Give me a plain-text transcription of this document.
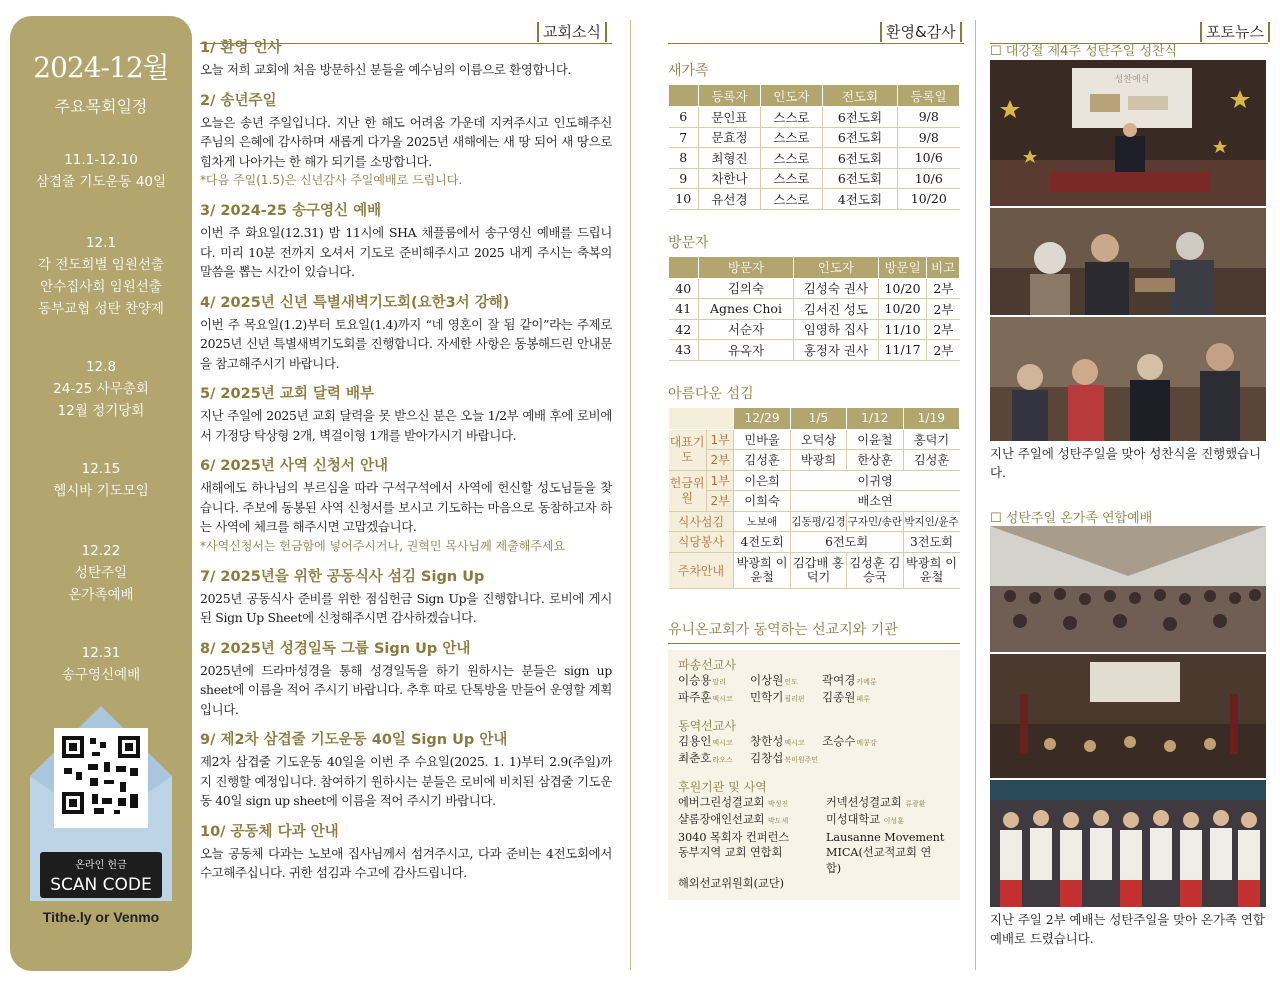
2024-12월
주요목회일정
11.1-12.10
삼겹줄 기도운동 40일
12.1
각 전도회별 임원선출
안수집사회 임원선출
동부교협 성탄 찬양제
12.8
24-25 사무총회
12월 정기당회
12.15
헵시바 기도모임
12.22
성탄주일
온가족예배
12.31
송구영신예배
온라인 헌금
SCAN CODE
Tithe.ly or Venmo
교회소식	환영&감사	포토뉴스
1/ 환영 인사

오늘 저희 교회에 처음 방문하신 분들을 예수님의 이름으로 환영합니다.

2/ 송년주일

오늘은 송년 주일입니다. 지난 한 해도 어려움 가운데 지켜주시고 인도해주신 주님의 은혜에 감사하며 새롭게 다가올 2025년 새해에는 새 땅 되어 새 땅으로 힘차게 나아가는 한 해가 되기를 소망합니다.

*다음 주일(1.5)은 신년감사 주일예배로 드립니다.
3/ 2024-25 송구영신 예배

이번 주 화요일(12.31) 밤 11시에 SHA 채플룸에서 송구영신 예배를 드립니다. 미리 10분 전까지 오셔서 기도로 준비해주시고 2025 내게 주시는 축복의 말씀을 뽑는 시간이 있습니다.

4/ 2025년 신년 특별새벽기도회(요한3서 강해)

이번 주 목요일(1.2)부터 토요일(1.4)까지 “네 영혼이 잘 됨 같이”라는 주제로 2025년 신년 특별새벽기도회를 진행합니다. 자세한 사항은 동봉해드린 안내문을 참고해주시기 바랍니다.

5/ 2025년 교회 달력 배부

지난 주일에 2025년 교회 달력을 못 받으신 분은 오늘 1/2부 예배 후에 로비에서 가정당 탁상형 2개, 벽걸이형 1개를 받아가시기 바랍니다.

6/ 2025년 사역 신청서 안내

새해에도 하나님의 부르심을 따라 구석구석에서 사역에 헌신할 성도님들을 찾습니다. 주보에 동봉된 사역 신청서를 보시고 기도하는 마음으로 동참하고자 하는 사역에 체크를 해주시면 고맙겠습니다.

*사역신청서는 헌금함에 넣어주시거나, 권혁민 목사님께 제출해주세요
7/ 2025년을 위한 공동식사 섬김 Sign Up

2025년 공동식사 준비를 위한 점심헌금 Sign Up을 진행합니다. 로비에 게시된 Sign Up Sheet에 신청해주시면 감사하겠습니다.

8/ 2025년 성경일독 그룹 Sign Up 안내

2025년에 드라마성경을 통해 성경일독을 하기 원하시는 분들은 sign up sheet에 이름을 적어 주시기 바랍니다. 추후 따로 단톡방을 만들어 운영할 계획입니다.

9/ 제2차 삼겹줄 기도운동 40일 Sign Up 안내

제2차 삼겹줄 기도운동 40일을 이번 주 수요일(2025. 1. 1)부터 2.9(주일)까지 진행할 예정입니다. 참여하기 원하시는 분들은 로비에 비치된 삼겹줄 기도운동 40일 sign up sheet에 이름을 적어 주시기 바랍니다.

10/ 공동체 다과 안내

오늘 공동체 다과는 노보애 집사님께서 섬겨주시고, 다과 준비는 4전도회에서 수고해주십니다. 귀한 섬김과 수고에 감사드립니다.

새가족
	등록자	인도자	전도회	등록일
6	문인표	스스로	6전도회	9/8
7	문효정	스스로	6전도회	9/8
8	최형진	스스로	6전도회	10/6
9	차한나	스스로	6전도회	10/6
10	유선경	스스로	4전도회	10/20
방문자
	방문자	인도자	방문일	비고
40	김의숙	김성숙 권사	10/20	2부
41	Agnes Choi	김서진 성도	10/20	2부
42	서순자	임영하 집사	11/10	2부
43	유옥자	홍정자 권사	11/17	2부
아름다운 섬김
		12/29	1/5	1/12	1/19
대표기도	1부	민바울	오덕상	이윤철	홍덕기
	2부	김성훈	박광희	한상훈	김성훈
헌금위원	1부	이은희	이귀영		
	2부	이희숙	배소연		
식사섬김		노보애	김동평/김경	구자민/송란	박지인/윤주
식당봉사		4전도회	6전도회		3전도회
주차안내		박광희 이윤철	김갑배 홍덕기	김성훈 김승국	박광희 이윤철
유니온교회가 동역하는 선교지와 기관
파송선교사
이승용말리	이상원인도	곽여경카메룬
파주훈멕시코	민학기필리핀	김종원페루
동역선교사
김용인멕시코	창한성멕시코	조승수메콩강
최춘호라오스	김창섭북미원주민
후원기관 및 사역
에버그린성결교회 박성진	커넥션성결교회 류광환
샬롬장애인선교회 박도세	미성대학교 이성훈
3040 목회자 컨퍼런스	Lausanne Movement
동부지역 교회 연합회	MICA(선교적교회 연합)
해외선교위원회(교단)
☐ 대강절 제4주 성탄주일 성찬식
성찬예식
지난 주일에 성탄주일을 맞아 성찬식을 진행했습니다.
☐ 성탄주일 온가족 연합예배
지난 주일 2부 예배는 성탄주일을 맞아 온가족 연합예배로 드렸습니다.
